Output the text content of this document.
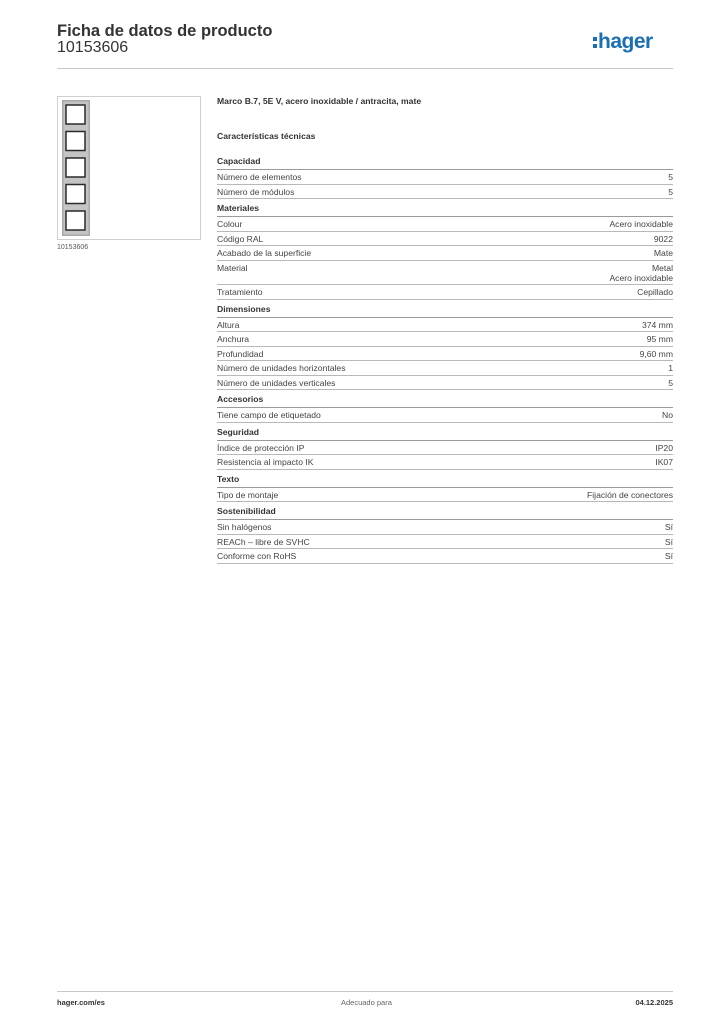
Ficha de datos de producto
10153606	hager
10153606
Marco B.7, 5E V, acero inoxidable / antracita, mate
Características técnicas
Capacidad
Número de elementos	5
Número de módulos	5
Materiales
Colour	Acero inoxidable
Código RAL	9022
Acabado de la superficie	Mate
Material	Metal
Acero inoxidable
Tratamiento	Cepillado
Dimensiones
Altura	374 mm
Anchura	95 mm
Profundidad	9,60 mm
Número de unidades horizontales	1
Número de unidades verticales	5
Accesorios
Tiene campo de etiquetado	No
Seguridad
Índice de protección IP	IP20
Resistencia al impacto IK	IK07
Texto
Tipo de montaje	Fijación de conectores
Sostenibilidad
Sin halógenos	Sí
REACh – libre de SVHC	Sí
Conforme con RoHS	Sí
hager.com/es	Adecuado para	04.12.2025
